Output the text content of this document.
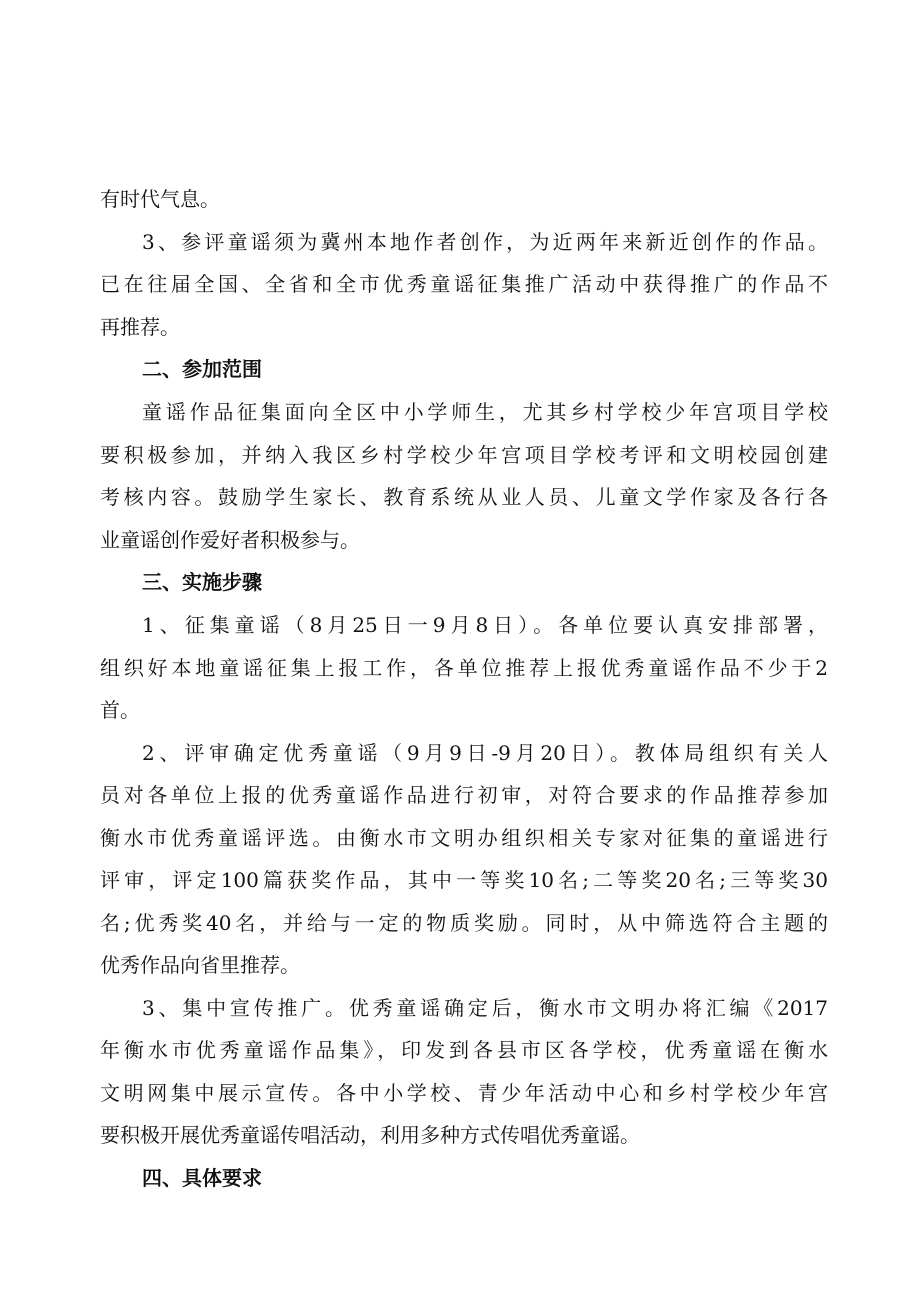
有时代气息。
3、参评童谣须为冀州本地作者创作，为近两年来新近创作的作品。
已在往届全国、全省和全市优秀童谣征集推广活动中获得推广的作品不
再推荐。
二、参加范围
童谣作品征集面向全区中小学师生，尤其乡村学校少年宫项目学校
要积极参加，并纳入我区乡村学校少年宫项目学校考评和文明校园创建
考核内容。鼓励学生家长、教育系统从业人员、儿童文学作家及各行各
业童谣创作爱好者积极参与。
三、实施步骤
1、征集童谣（8月25日一9月8日）。各单位要认真安排部署，
组织好本地童谣征集上报工作，各单位推荐上报优秀童谣作品不少于2
首。
2、评审确定优秀童谣（9月9日-9月20日）。教体局组织有关人
员对各单位上报的优秀童谣作品进行初审，对符合要求的作品推荐参加
衡水市优秀童谣评选。由衡水市文明办组织相关专家对征集的童谣进行
评审，评定100篇获奖作品，其中一等奖10名;二等奖20名;三等奖30
名;优秀奖40名，并给与一定的物质奖励。同时，从中筛选符合主题的
优秀作品向省里推荐。
3、集中宣传推广。优秀童谣确定后，衡水市文明办将汇编《2017
年衡水市优秀童谣作品集》，印发到各县市区各学校，优秀童谣在衡水
文明网集中展示宣传。各中小学校、青少年活动中心和乡村学校少年宫
要积极开展优秀童谣传唱活动，利用多种方式传唱优秀童谣。
四、具体要求
